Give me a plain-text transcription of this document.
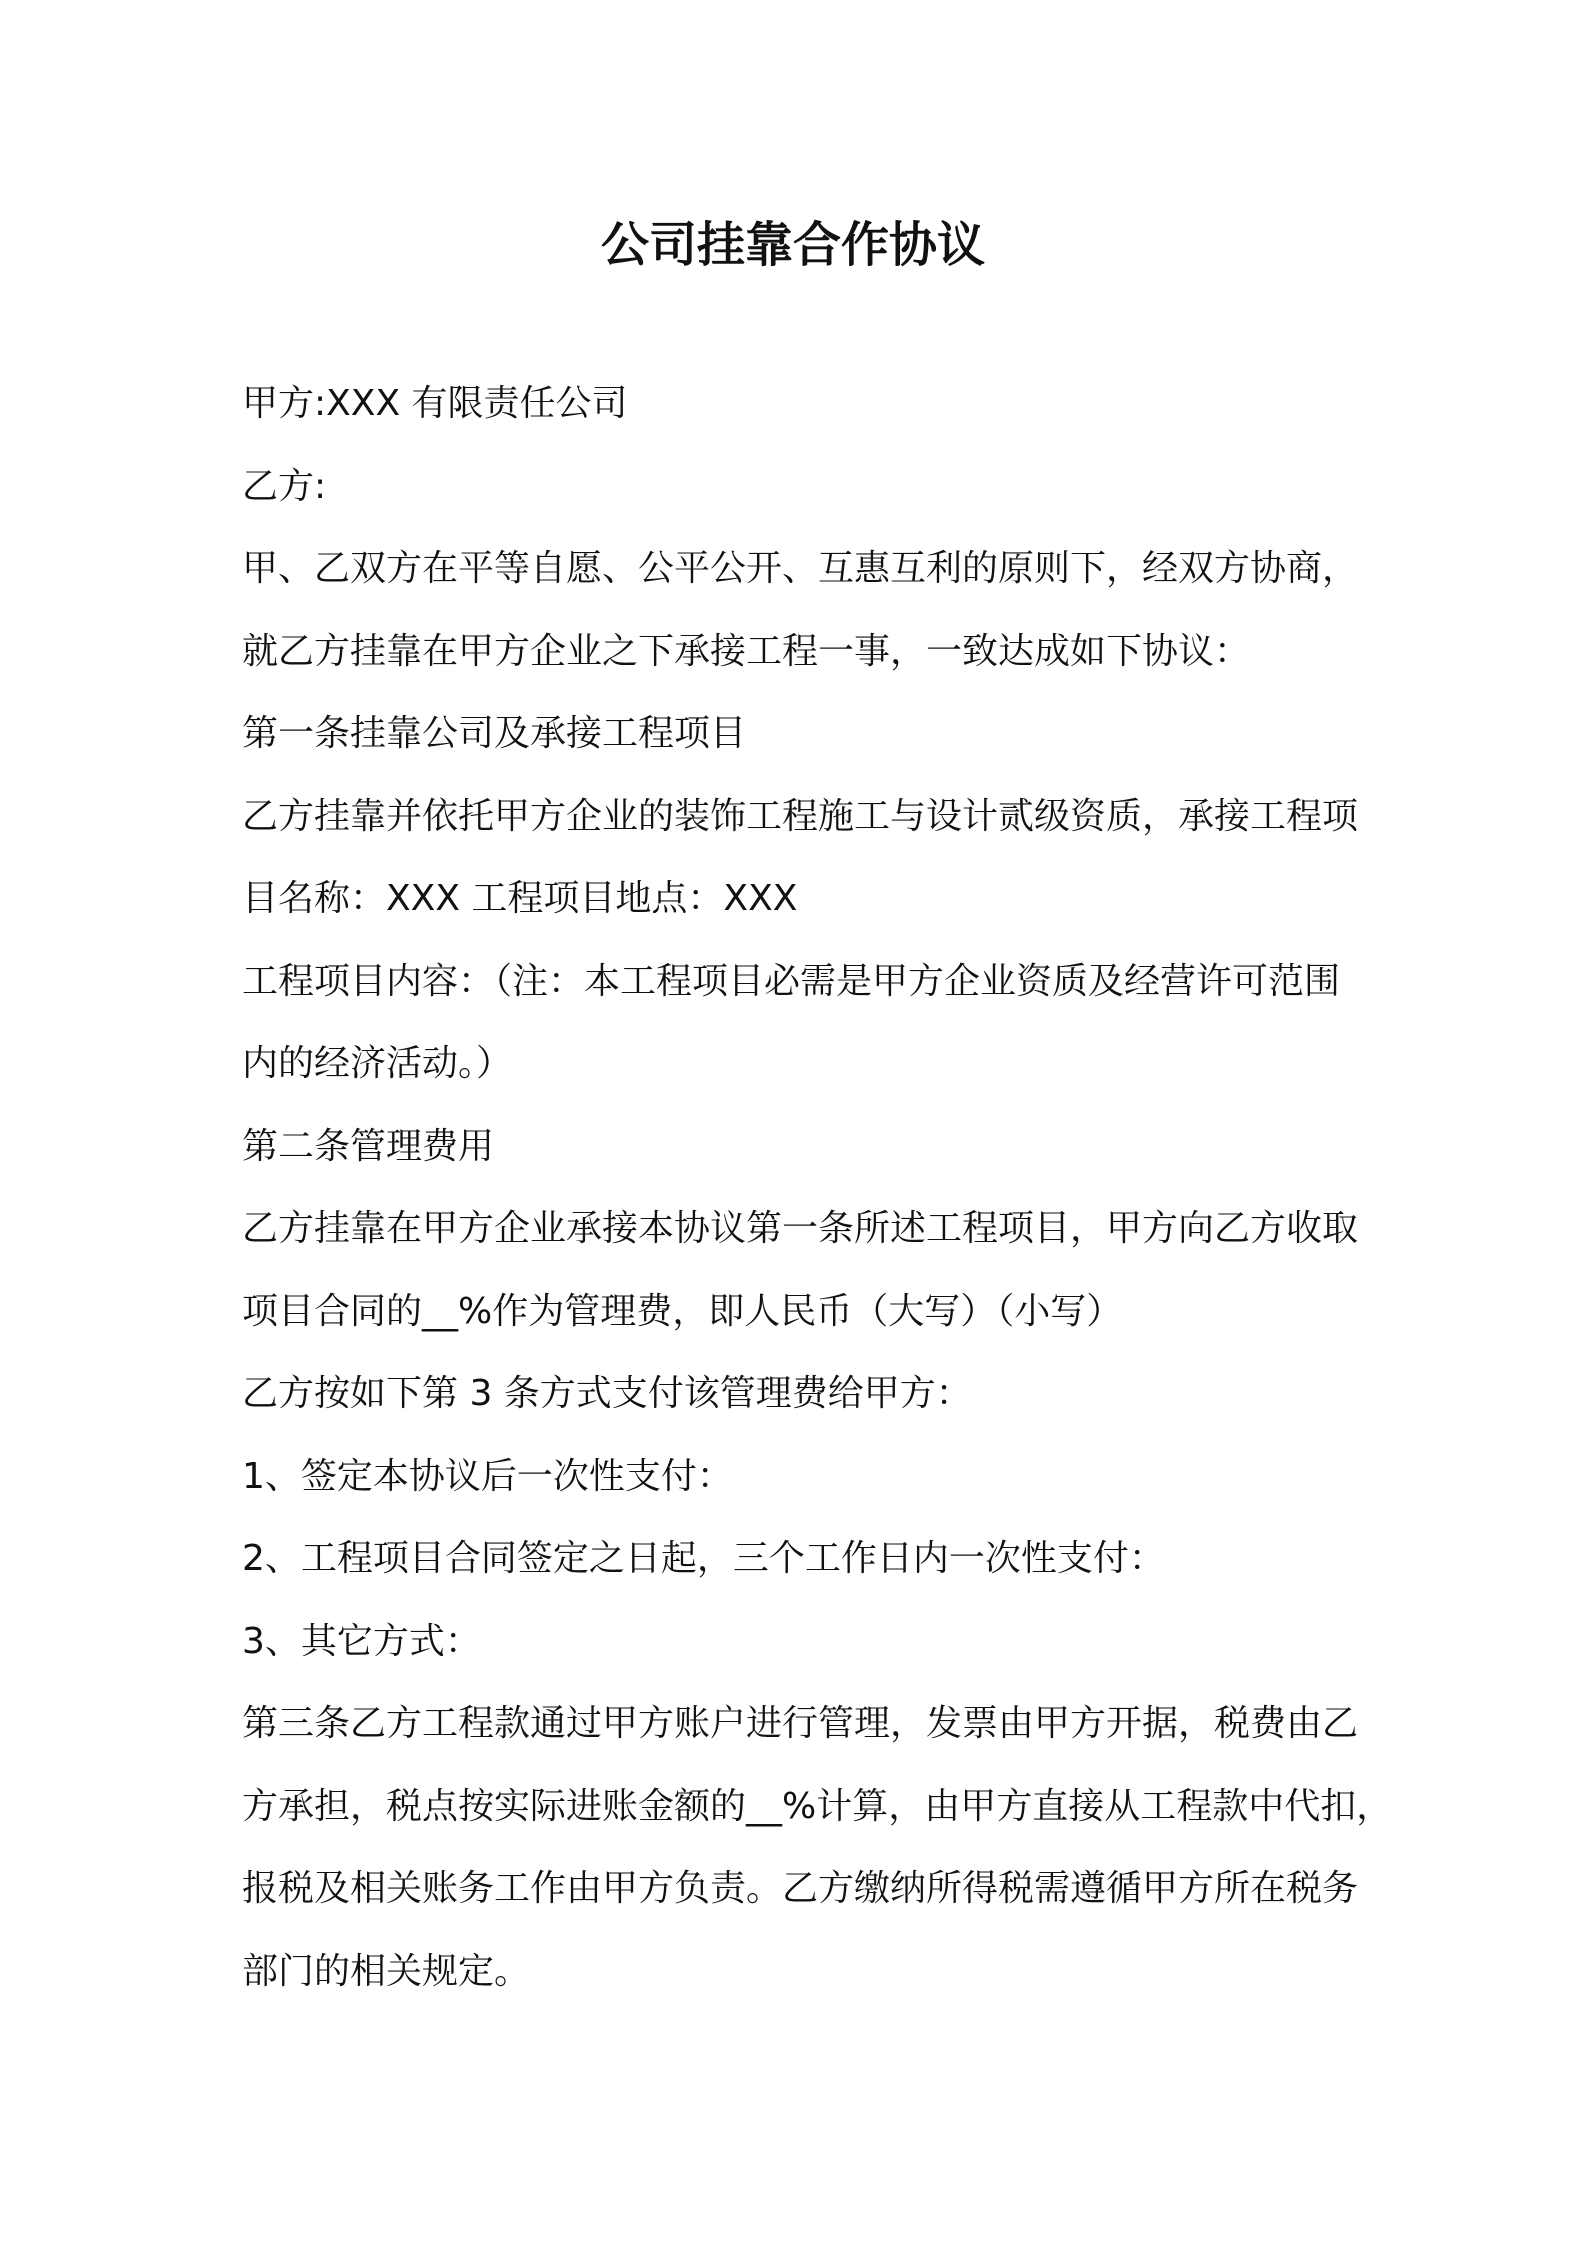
公司挂靠合作协议
甲方:XXX 有限责任公司
乙方:
甲、乙双方在平等自愿、公平公开、互惠互利的原则下，经双方协商，
就乙方挂靠在甲方企业之下承接工程一事，一致达成如下协议：
第一条挂靠公司及承接工程项目
乙方挂靠并依托甲方企业的装饰工程施工与设计贰级资质，承接工程项
目名称：XXX 工程项目地点：XXX
工程项目内容：（注：本工程项目必需是甲方企业资质及经营许可范围
内的经济活动。）
第二条管理费用
乙方挂靠在甲方企业承接本协议第一条所述工程项目，甲方向乙方收取
项目合同的__%作为管理费，即人民币（大写）（小写）
乙方按如下第 3 条方式支付该管理费给甲方：
1、签定本协议后一次性支付：
2、工程项目合同签定之日起，三个工作日内一次性支付：
3、其它方式：
第三条乙方工程款通过甲方账户进行管理，发票由甲方开据，税费由乙
方承担，税点按实际进账金额的__%计算，由甲方直接从工程款中代扣，
报税及相关账务工作由甲方负责。乙方缴纳所得税需遵循甲方所在税务
部门的相关规定。
